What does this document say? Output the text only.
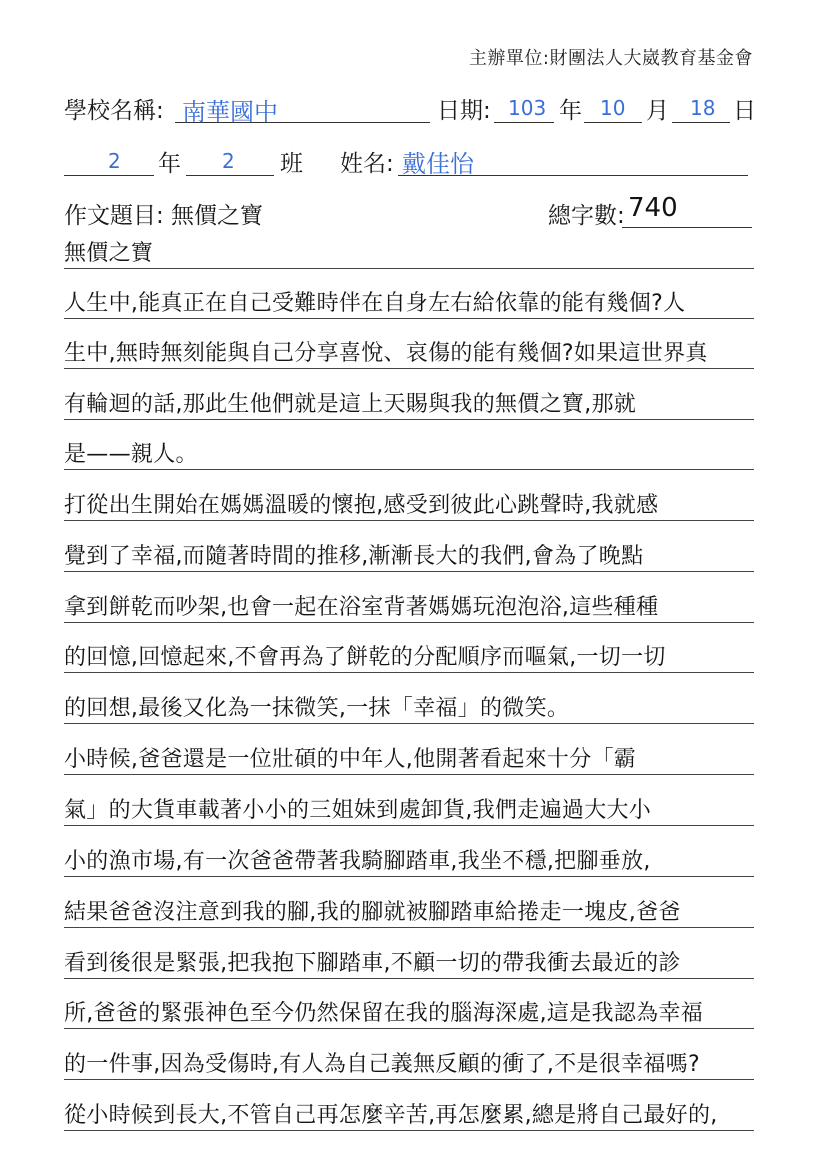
主辦單位:財團法人大崴教育基金會
學校名稱: 南華國中	日期: 103 年 10 月 18 日
2 年 2 班 姓名: 戴佳怡
作文題目: 無價之寶	總字數: 740
無價之寶
人生中,能真正在自己受難時伴在自身左右給依靠的能有幾個?人
生中,無時無刻能與自己分享喜悅、哀傷的能有幾個?如果這世界真
有輪迴的話,那此生他們就是這上天賜與我的無價之寶,那就
是——親人。
打從出生開始在媽媽溫暖的懷抱,感受到彼此心跳聲時,我就感
覺到了幸福,而隨著時間的推移,漸漸長大的我們,會為了晚點
拿到餅乾而吵架,也會一起在浴室背著媽媽玩泡泡浴,這些種種
的回憶,回憶起來,不會再為了餅乾的分配順序而嘔氣,一切一切
的回想,最後又化為一抹微笑,一抹「幸福」的微笑。
小時候,爸爸還是一位壯碩的中年人,他開著看起來十分「霸
氣」的大貨車載著小小的三姐妹到處卸貨,我們走遍過大大小
小的漁市場,有一次爸爸帶著我騎腳踏車,我坐不穩,把腳垂放,
結果爸爸沒注意到我的腳,我的腳就被腳踏車給捲走一塊皮,爸爸
看到後很是緊張,把我抱下腳踏車,不顧一切的帶我衝去最近的診
所,爸爸的緊張神色至今仍然保留在我的腦海深處,這是我認為幸福
的一件事,因為受傷時,有人為自己義無反顧的衝了,不是很幸福嗎?
從小時候到長大,不管自己再怎麼辛苦,再怎麼累,總是將自己最好的,
